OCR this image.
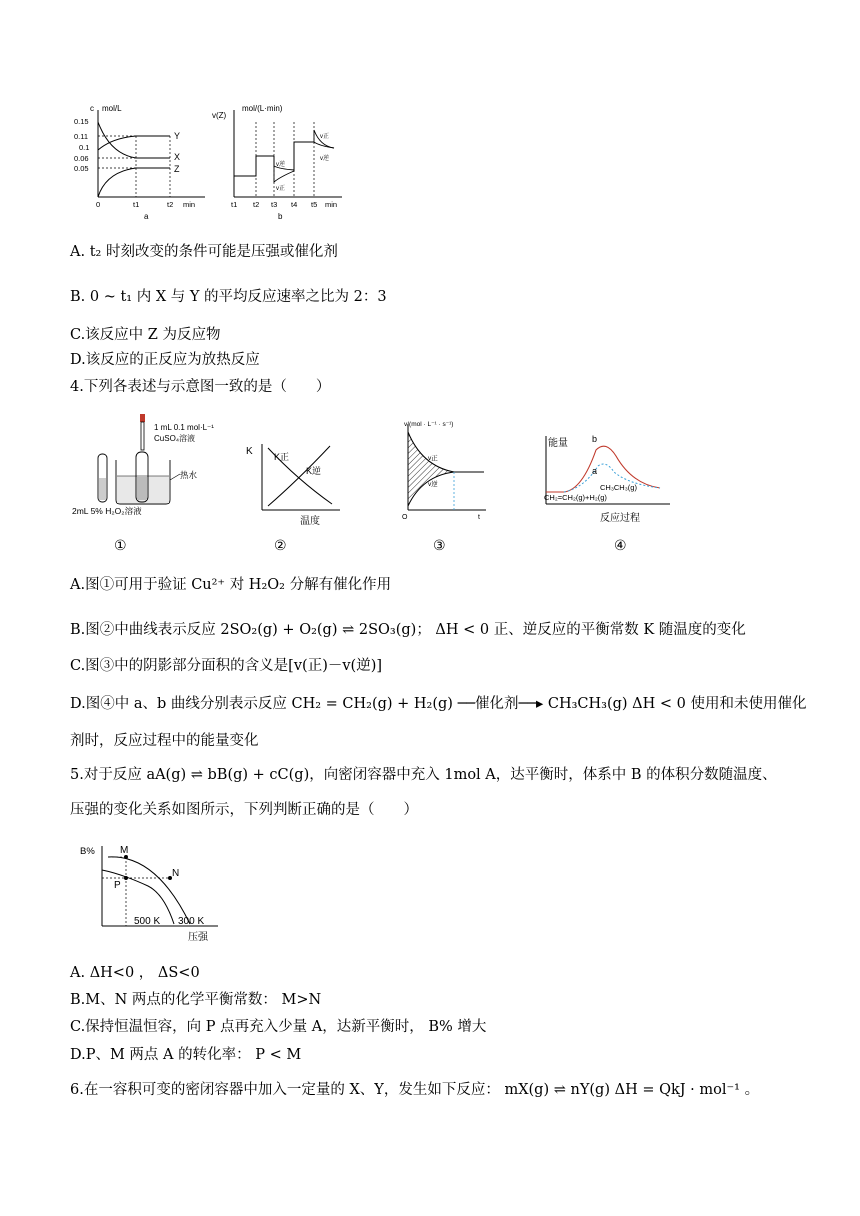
c mol/L
0.15
0.11
0.1
0.06
0.05
Y
X
Z
0	t1	t2 min
a
v(Z)
mol/(L·min)
v逆
v正
v正
v逆
t1 t2 t3 t4 t5 min
b
A. t₂ 时刻改变的条件可能是压强或催化剂
B. 0 ~ t₁ 内 X 与 Y 的平均反应速率之比为 2：3
C.该反应中 Z 为反应物
D.该反应的正反应为放热反应
4.下列各表述与示意图一致的是（　　）
1 mL 0.1 mol·L⁻¹
CuSO₄溶液
热水
2mL 5% H₂O₂溶液
K K正
K逆
温度
v/(mol · L⁻¹ · s⁻¹)
v正
v逆
O	t
能量	b
a
CH₃CH₃(g)
CH₂=CH₂(g)+H₂(g)
反应过程
①	②	③	④
A.图①可用于验证 Cu²⁺ 对 H₂O₂ 分解有催化作用
B.图②中曲线表示反应 2SO₂(g) + O₂(g) ⇌ 2SO₃(g)； ΔH < 0 正、逆反应的平衡常数 K 随温度的变化
C.图③中的阴影部分面积的含义是[v(正)－v(逆)]
D.图④中 a、b 曲线分别表示反应 CH₂ = CH₂(g) + H₂(g) ──催化剂──▸ CH₃CH₃(g) ΔH < 0 使用和未使用催化
剂时，反应过程中的能量变化
5.对于反应 aA(g) ⇌ bB(g) + cC(g)，向密闭容器中充入 1mol A，达平衡时，体系中 B 的体积分数随温度、
压强的变化关系如图所示，下列判断正确的是（　　）
B%	M
N
P
500 K 300 K
压强
A. ΔH<0 ， ΔS<0
B.M、N 两点的化学平衡常数： M>N
C.保持恒温恒容，向 P 点再充入少量 A，达新平衡时， B% 增大
D.P、M 两点 A 的转化率： P < M
6.在一容积可变的密闭容器中加入一定量的 X、Y，发生如下反应： mX(g) ⇌ nY(g) ΔH = QkJ · mol⁻¹ 。
